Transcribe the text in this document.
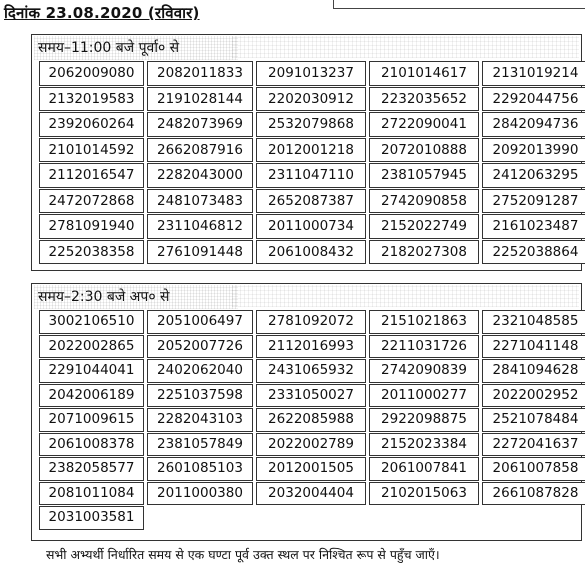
दिनांक 23.08.2020 (रविवार)
समय–11:00 बजे पूर्वा० से
2062009080	2082011833	2091013237	2101014617	2131019214
2132019583	2191028144	2202030912	2232035652	2292044756
2392060264	2482073969	2532079868	2722090041	2842094736
2101014592	2662087916	2012001218	2072010888	2092013990
2112016547	2282043000	2311047110	2381057945	2412063295
2472072868	2481073483	2652087387	2742090858	2752091287
2781091940	2311046812	2011000734	2152022749	2161023487
2252038358	2761091448	2061008432	2182027308	2252038864
समय–2:30 बजे अप० से
3002106510	2051006497	2781092072	2151021863	2321048585
2022002865	2052007726	2112016993	2211031726	2271041148
2291044041	2402062040	2431065932	2742090839	2841094628
2042006189	2251037598	2331050027	2011000277	2022002952
2071009615	2282043103	2622085988	2922098875	2521078484
2061008378	2381057849	2022002789	2152023384	2272041637
2382058577	2601085103	2012001505	2061007841	2061007858
2081011084	2011000380	2032004404	2102015063	2661087828
2031003581
सभी अभ्यर्थी निर्धारित समय से एक घण्टा पूर्व उक्त स्थल पर निश्चित रूप से पहुँच जाएँ।
